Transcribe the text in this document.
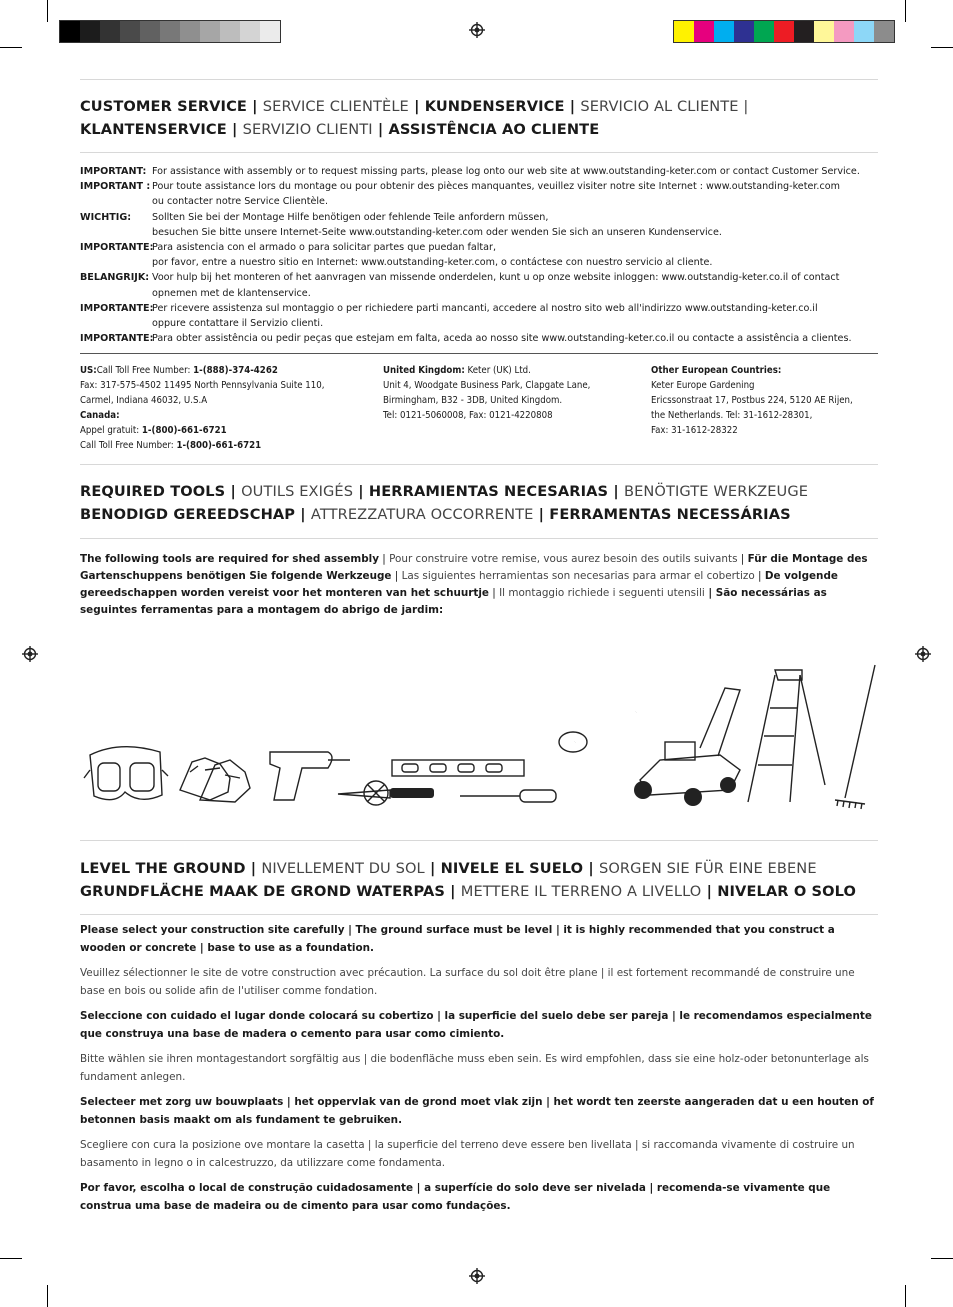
CUSTOMER SERVICE | SERVICE CLIENTÈLE | KUNDENSERVICE | SERVICIO AL CLIENTE |
KLANTENSERVICE | SERVIZIO CLIENTI | ASSISTÊNCIA AO CLIENTE
IMPORTANT: For assistance with assembly or to request missing parts, please log onto our web site at www.outstanding-keter.com or contact Customer Service.
IMPORTANT : Pour toute assistance lors du montage ou pour obtenir des pièces manquantes, veuillez visiter notre site Internet : www.outstanding-keter.com
ou contacter notre Service Clientèle.
WICHTIG:	Sollten Sie bei der Montage Hilfe benötigen oder fehlende Teile anfordern müssen,
besuchen Sie bitte unsere Internet-Seite www.outstanding-keter.com oder wenden Sie sich an unseren Kundenservice.
IMPORTANTE:
Para asistencia con el armado o para solicitar partes que puedan faltar,
por favor, entre a nuestro sitio en Internet: www.outstanding-keter.com, o contáctese con nuestro servicio al cliente.
BELANGRIJK: Voor hulp bij het monteren of het aanvragen van missende onderdelen, kunt u op onze website inloggen: www.outstandig-keter.co.il of contact
opnemen met de klantenservice.
IMPORTANTE:
Per ricevere assistenza sul montaggio o per richiedere parti mancanti, accedere al nostro sito web all'indirizzo www.outstanding-keter.co.il
oppure contattare il Servizio clienti.
IMPORTANTE:
Para obter assistência ou pedir peças que estejam em falta, aceda ao nosso site www.outstanding-keter.co.il ou contacte a assistência a clientes.
US:Call Toll Free Number: 1-(888)-374-4262
Fax: 317-575-4502 11495 North Pennsylvania Suite 110,
Carmel, Indiana 46032, U.S.A
Canada:
Appel gratuit: 1-(800)-661-6721
Call Toll Free Number: 1-(800)-661-6721
United Kingdom: Keter (UK) Ltd.
Unit 4, Woodgate Business Park, Clapgate Lane,
Birmingham, B32 - 3DB, United Kingdom.
Tel: 0121-5060008, Fax: 0121-4220808
Other European Countries:
Keter Europe Gardening
Ericssonstraat 17, Postbus 224, 5120 AE Rijen,
the Netherlands. Tel: 31-1612-28301,
Fax: 31-1612-28322
REQUIRED TOOLS | OUTILS EXIGÉS | HERRAMIENTAS NECESARIAS | BENÖTIGTE WERKZEUGE
BENODIGD GEREEDSCHAP | ATTREZZATURA OCCORRENTE | FERRAMENTAS NECESSÁRIAS
The following tools are required for shed assembly | Pour construire votre remise, vous aurez besoin des outils suivants | Für die Montage des Gartenschuppens benötigen Sie folgende Werkzeuge | Las siguientes herramientas son necesarias para armar el cobertizo | De volgende gereedschappen worden vereist voor het monteren van het schuurtje | Il montaggio richiede i seguenti utensili | São necessárias as seguintes ferramentas para a montagem do abrigo de jardim:
LEVEL THE GROUND | NIVELLEMENT DU SOL | NIVELE EL SUELO | SORGEN SIE FÜR EINE EBENE
GRUNDFLÄCHE MAAK DE GROND WATERPAS | METTERE IL TERRENO A LIVELLO | NIVELAR O SOLO
Please select your construction site carefully | The ground surface must be level | it is highly recommended that you construct a wooden or concrete | base to use as a foundation.
Veuillez sélectionner le site de votre construction avec précaution. La surface du sol doit être plane | il est fortement recommandé de construire une base en bois ou solide afin de l'utiliser comme fondation.
Seleccione con cuidado el lugar donde colocará su cobertizo | la superficie del suelo debe ser pareja | le recomendamos especialmente que construya una base de madera o cemento para usar como cimiento.
Bitte wählen sie ihren montagestandort sorgfältig aus | die bodenfläche muss eben sein. Es wird empfohlen, dass sie eine holz-oder betonunterlage als fundament anlegen.
Selecteer met zorg uw bouwplaats | het oppervlak van de grond moet vlak zijn | het wordt ten zeerste aangeraden dat u een houten of betonnen basis maakt om als fundament te gebruiken.
Scegliere con cura la posizione ove montare la casetta | la superficie del terreno deve essere ben livellata | si raccomanda vivamente di costruire un basamento in legno o in calcestruzzo, da utilizzare come fondamenta.
Por favor, escolha o local de construção cuidadosamente | a superfície do solo deve ser nivelada | recomenda-se vivamente que construa uma base de madeira ou de cimento para usar como fundações.
